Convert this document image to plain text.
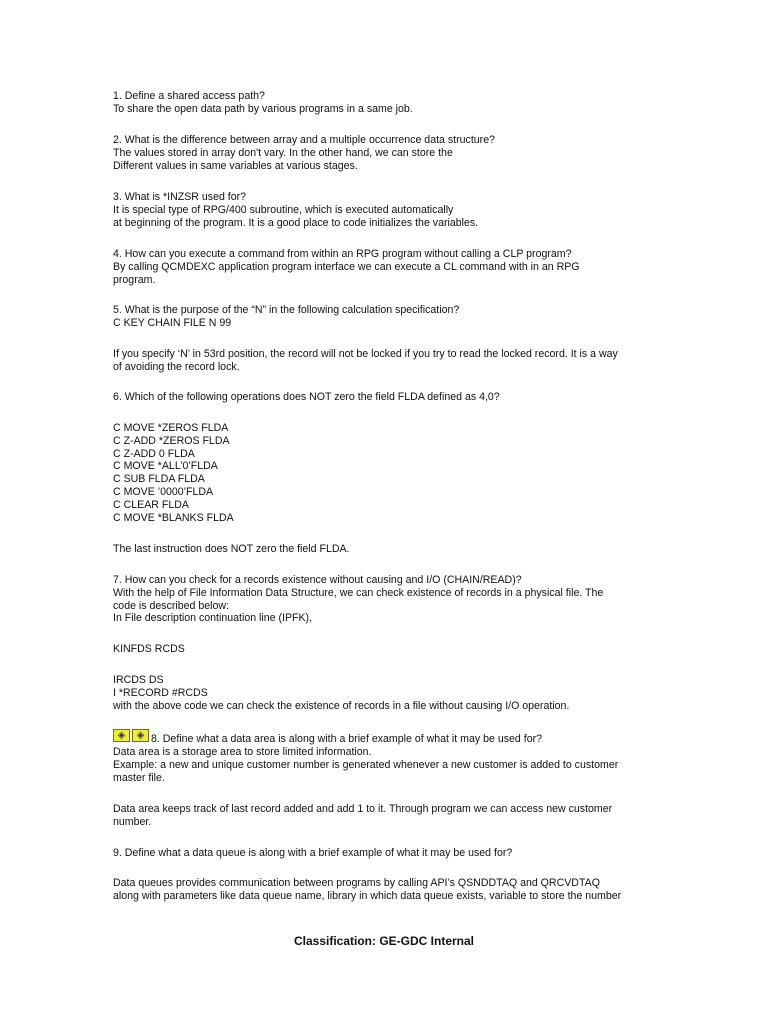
1. Define a shared access path?
To share the open data path by various programs in a same job.
2. What is the difference between array and a multiple occurrence data structure?
The values stored in array don't vary. In the other hand, we can store the
Different values in same variables at various stages.
3. What is *INZSR used for?
It is special type of RPG/400 subroutine, which is executed automatically
at beginning of the program. It is a good place to code initializes the variables.
4. How can you execute a command from within an RPG program without calling a CLP program?
By calling QCMDEXC application program interface we can execute a CL command with in an RPG
program.
5. What is the purpose of the “N” in the following calculation specification?
C KEY CHAIN FILE N 99
If you specify ‘N’ in 53rd position, the record will not be locked if you try to read the locked record. It is a way
of avoiding the record lock.
6. Which of the following operations does NOT zero the field FLDA defined as 4,0?
C MOVE *ZEROS FLDA
C Z-ADD *ZEROS FLDA
C Z-ADD 0 FLDA
C MOVE *ALL’0’FLDA
C SUB FLDA FLDA
C MOVE ’0000’FLDA
C CLEAR FLDA
C MOVE *BLANKS FLDA
The last instruction does NOT zero the field FLDA.
7. How can you check for a records existence without causing and I/O (CHAIN/READ)?
With the help of File Information Data Structure, we can check existence of records in a physical file. The
code is described below:
In File description continuation line (IPFK),
KINFDS RCDS
IRCDS DS
I *RECORD #RCDS
with the above code we can check the existence of records in a file without causing I/O operation.
◈	◈ 8. Define what a data area is along with a brief example of what it may be used for?
Data area is a storage area to store limited information.
Example: a new and unique customer number is generated whenever a new customer is added to customer
master file.
Data area keeps track of last record added and add 1 to it. Through program we can access new customer
number.
9. Define what a data queue is along with a brief example of what it may be used for?
Data queues provides communication between programs by calling API’s QSNDDTAQ and QRCVDTAQ
along with parameters like data queue name, library in which data queue exists, variable to store the number
Classification: GE-GDC Internal
